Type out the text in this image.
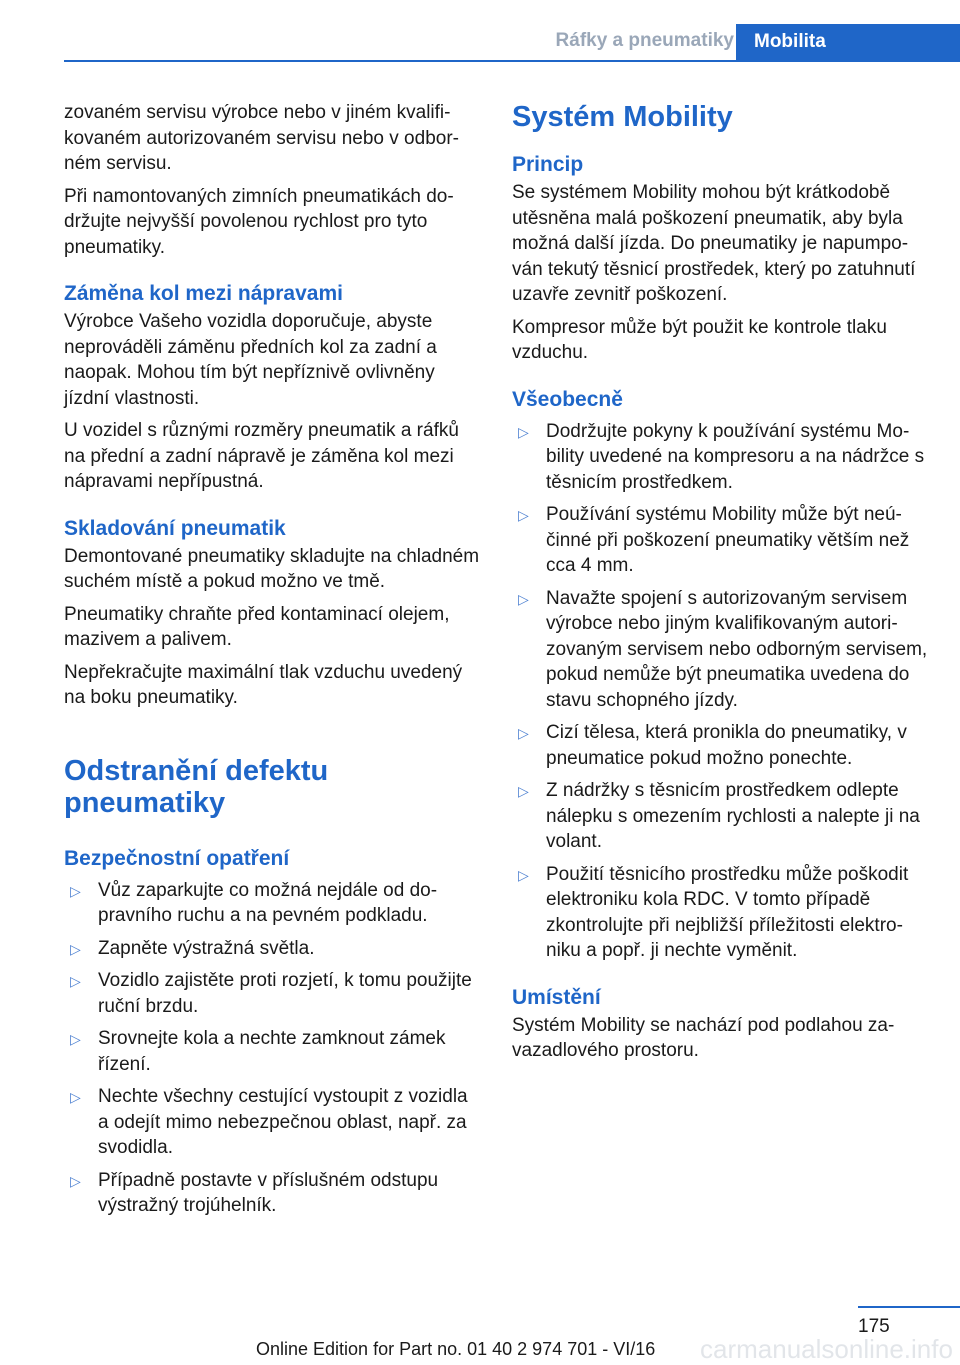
Ráfky a pneumatiky	Mobilita

zovaném servisu výrobce nebo v jiném kvalifikovaném autorizovaném servisu nebo v odborném servisu.

Při namontovaných zimních pneumatikách dodržujte nejvyšší povolenou rychlost pro tyto pneumatiky.

Záměna kol mezi nápravami

Výrobce Vašeho vozidla doporučuje, abyste neprováděli záměnu předních kol za zadní a naopak. Mohou tím být nepříznivě ovlivněny jízdní vlastnosti.

U vozidel s různými rozměry pneumatik a ráfků na přední a zadní nápravě je záměna kol mezi nápravami nepřípustná.

Skladování pneumatik

Demontované pneumatiky skladujte na chladném suchém místě a pokud možno ve tmě.

Pneumatiky chraňte před kontaminací olejem, mazivem a palivem.

Nepřekračujte maximální tlak vzduchu uvedený na boku pneumatiky.

Odstranění defektu pneumatiky
Bezpečnostní opatření
▷ Vůz zaparkujte co možná nejdále od dopravního ruchu a na pevném podkladu.
▷ Zapněte výstražná světla.
▷ Vozidlo zajistěte proti rozjetí, k tomu použijte ruční brzdu.
▷ Srovnejte kola a nechte zamknout zámek řízení.
▷ Nechte všechny cestující vystoupit z vozidla a odejít mimo nebezpečnou oblast, např. za svodidla.
▷ Případně postavte v příslušném odstupu výstražný trojúhelník.
Systém Mobility
Princip

Se systémem Mobility mohou být krátkodobě utěsněna malá poškození pneumatik, aby byla možná další jízda. Do pneumatiky je napumpován tekutý těsnicí prostředek, který po zatuhnutí uzavře zevnitř poškození.

Kompresor může být použit ke kontrole tlaku vzduchu.

Všeobecně
▷ Dodržujte pokyny k používání systému Mobility uvedené na kompresoru a na nádržce s těsnicím prostředkem.
▷ Používání systému Mobility může být neúčinné při poškození pneumatiky větším než cca 4 mm.
▷ Navažte spojení s autorizovaným servisem výrobce nebo jiným kvalifikovaným autorizovaným servisem nebo odborným servisem, pokud nemůže být pneumatika uvedena do stavu schopného jízdy.
▷ Cizí tělesa, která pronikla do pneumatiky, v pneumatice pokud možno ponechte.
▷ Z nádržky s těsnicím prostředkem odlepte nálepku s omezením rychlosti a nalepte ji na volant.
▷ Použití těsnicího prostředku může poškodit elektroniku kola RDC. V tomto případě zkontrolujte při nejbližší příležitosti elektroniku a popř. ji nechte vyměnit.
Umístění

Systém Mobility se nachází pod podlahou zavazadlového prostoru.

175
carmanualsonline.info
Online Edition for Part no. 01 40 2 974 701 - VI/16
